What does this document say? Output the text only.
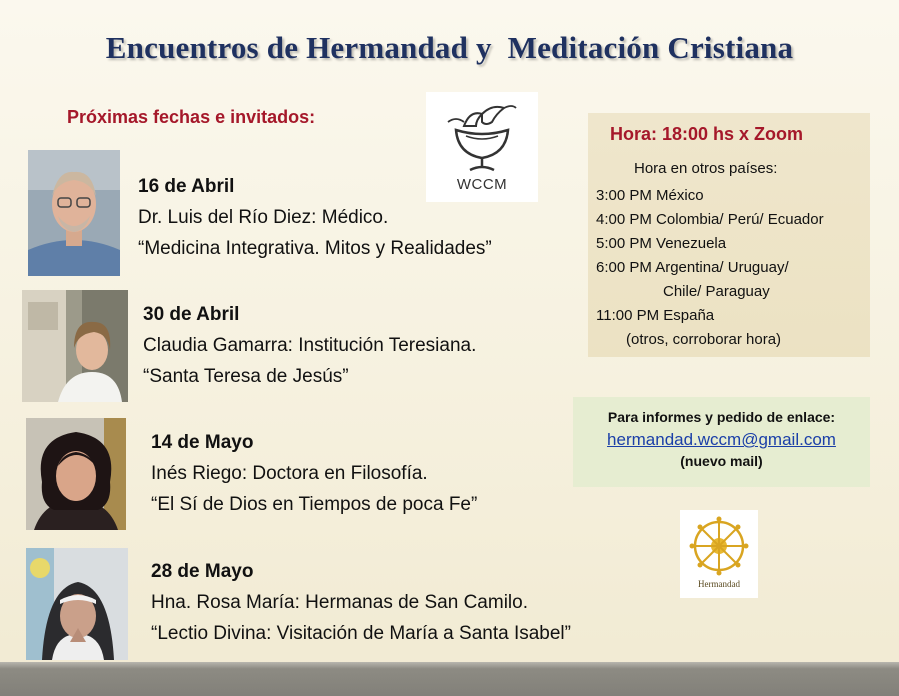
Encuentros de Hermandad y  Meditación Cristiana
Próximas fechas e invitados:
WCCM
16 de Abril
Dr. Luis del Río Diez: Médico.
“Medicina Integrativa. Mitos y Realidades”
30 de Abril
Claudia Gamarra: Institución Teresiana.
“Santa Teresa de Jesús”
14 de Mayo
Inés Riego: Doctora en Filosofía.
“El Sí de Dios en Tiempos de poca Fe”
28 de Mayo
Hna. Rosa María: Hermanas de San Camilo.
“Lectio Divina: Visitación de María a Santa Isabel”
Hora: 18:00 hs x Zoom
Hora en otros países:
3:00 PM México
4:00 PM Colombia/ Perú/ Ecuador
5:00 PM Venezuela
6:00 PM Argentina/ Uruguay/
Chile/ Paraguay
11:00 PM España
(otros, corroborar hora)
Para informes y pedido de enlace:
hermandad.wccm@gmail.com
(nuevo mail)
Hermandad
